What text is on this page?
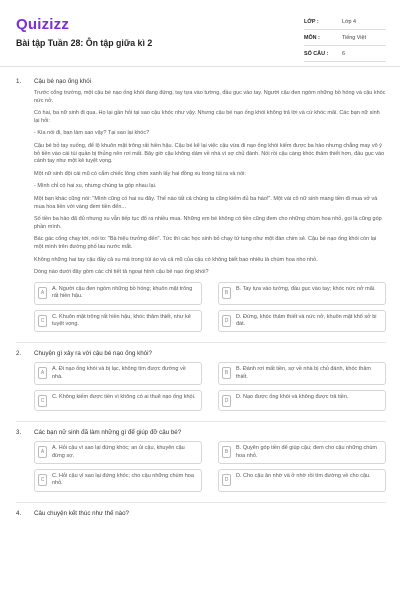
Quizizz
Bài tập Tuần 28: Ôn tập giữa kì 2
LỚP :	Lớp 4
MÔN :	Tiếng Việt
SỐ CÂU :	6
1.	Cậu bé nạo ống khói

Trước cổng trường, một cậu bé nạo ống khói đang đứng, tay tựa vào tường, đầu gục vào tay. Người cậu đen ngòm những bồ hóng và cậu khóc nức nở.

Có hai, ba nữ sinh đi qua. Họ lại gần hỏi tại sao cậu khóc như vậy. Nhưng cậu bé nạo ống khói không trả lời và cứ khóc mãi. Các bạn nữ sinh lại hỏi:

- Kìa nói đi, bạn làm sao vậy? Tại sao lại khóc?

Cậu bé bỏ tay xuống, để lộ khuôn mặt trông rất hiền hậu. Cậu bé kể lại việc cậu vừa đi nạo ống khói kiếm được ba hào nhưng chẳng may vô ý bỏ tiền vào cái túi quần bị thủng nên rơi mất. Bây giờ cậu không dám về nhà vì sợ chủ đánh. Nói rồi cậu càng khóc thảm thiết hơn, đầu gục vào cánh tay như một kẻ tuyệt vọng.

Một nữ sinh đội cái mũ có cắm chiếc lông chim xanh lấy hai đồng xu trong túi ra và nói:

- Mình chỉ có hai xu, nhưng chúng ta góp nhau lại.

Một bạn khác cũng nói: "Mình cũng có hai xu đây. Thế nào tất cả chúng ta cũng kiếm đủ ba hào!". Một vài cô nữ sinh mang tiền đi mua vở và mua hoa liền với vàng đem tiền đến...

Số tiền ba hào đã đủ nhưng xu vẫn tiếp tục đổ ra nhiều mua. Những em bé không có tiền cũng đem cho những chùm hoa nhỏ, gọi là cũng góp phần mình.

Bác gác cổng chạy tới, nói to: "Bà hiệu trưởng đến". Tức thì các học sinh bỏ chạy tứ tung như một đàn chim sẻ. Cậu bé nạo ống khói còn lại một mình trên đường phố lau nước mắt.

Không những hai tay cậu đầy cả xu mà trong túi áo và cả mũ của cậu có không biết bao nhiêu là chùm hoa nho nhỏ.

Dòng nào dưới đây gồm các chi tiết tả ngoại hình cậu bé nạo ống khói?

A
A. Người cậu đen ngòm những bồ hóng; khuôn mặt trông rất hiền hậu.
B
B. Tay tựa vào tường, đầu gục vào tay; khóc nức nở mãi.
C
C. Khuôn mặt trông rất hiền hậu, khóc thảm thiết, như kẻ tuyệt vọng.
D
D. Đứng, khóc thảm thiết và nức nở, khuôn mặt khổ sở bi đát.
2.	Chuyện gì xảy ra với cậu bé nạo ống khói?
A
A. Đi nạo ống khói và bị lạc, không tìm được đường về nhà.
B
B. Đánh rơi mất tiền, sợ về nhà bị chủ đánh, khóc thảm thiết.
C
C. Không kiếm được tiền vì không có ai thuê nạo ống khói.
D
D. Nạo được ống khói và không được trả tiền.
3.	Các bạn nữ sinh đã làm những gì để giúp đỡ cậu bé?
A
A. Hỏi cậu vì sao lại đứng khóc; an ủi cậu, khuyên cậu đừng sợ.
B
B. Quyên góp tiền để giúp cậu; đem cho cậu những chùm hoa nhỏ.
C
C. Hỏi cậu vì sao lại đứng khóc; cho cậu những chùm hoa nhỏ.
D
D. Cho cậu ăn nhờ và ở nhờ rồi tìm đường về cho cậu.
4.	Câu chuyện kết thúc như thế nào?
